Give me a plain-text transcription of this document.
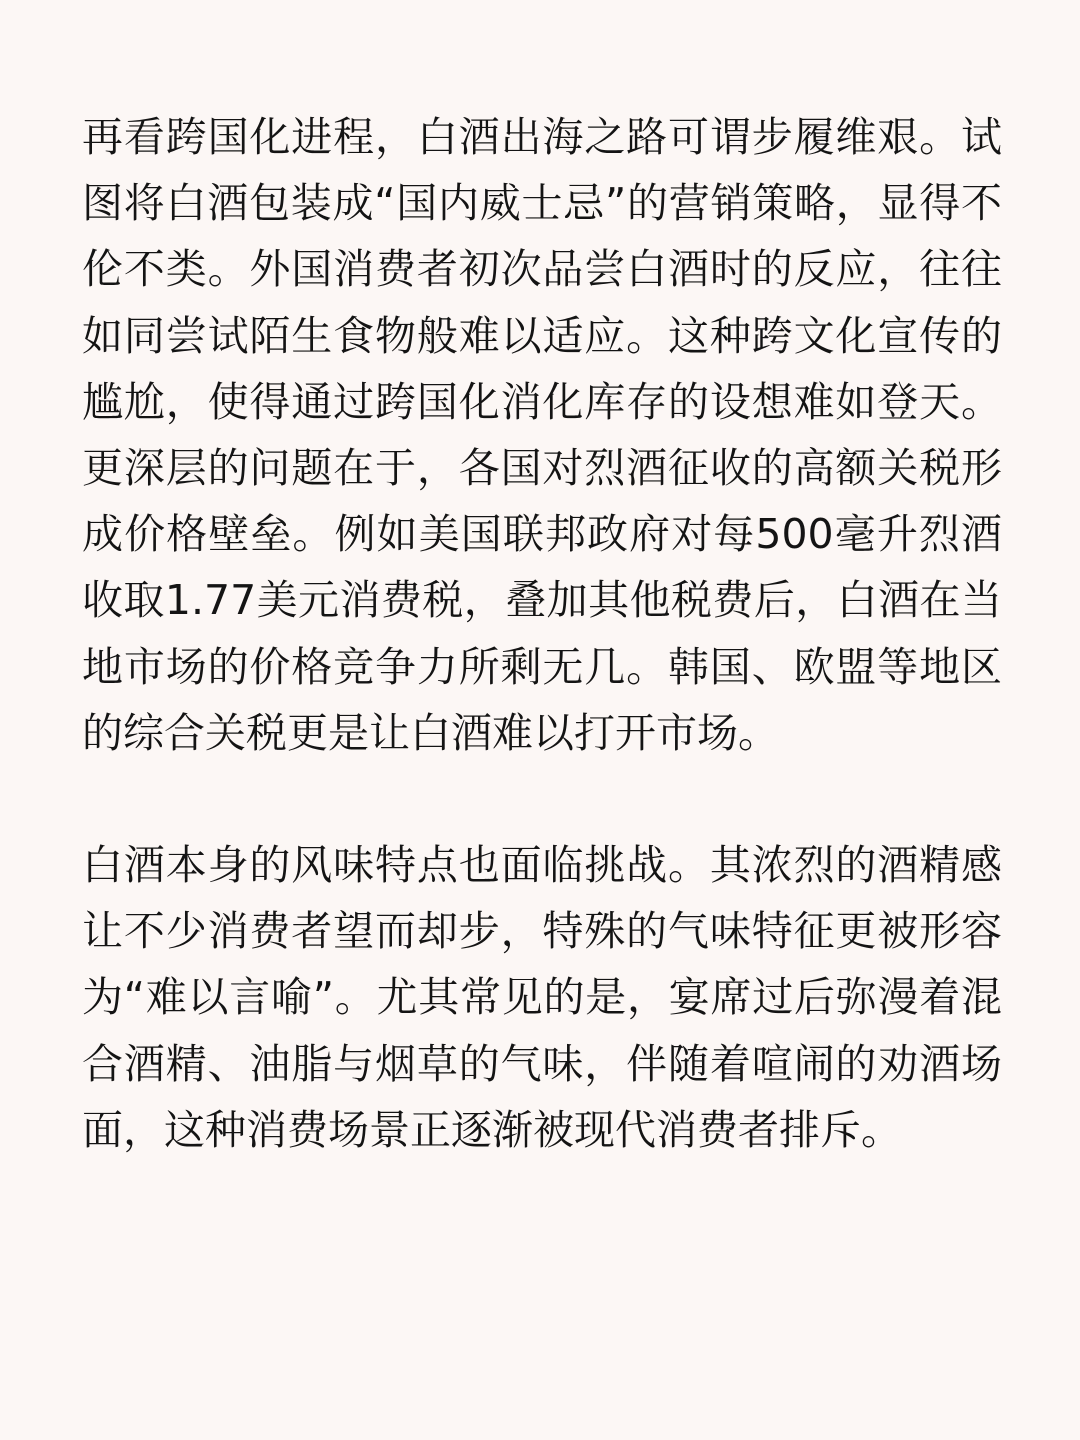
再看跨国化进程，白酒出海之路可谓步履维艰。试图将白酒包装成“国内威士忌”的营销策略，显得不伦不类。外国消费者初次品尝白酒时的反应，往往如同尝试陌生食物般难以适应。这种跨文化宣传的尴尬，使得通过跨国化消化库存的设想难如登天。更深层的问题在于，各国对烈酒征收的高额关税形成价格壁垒。例如美国联邦政府对每500毫升烈酒收取1.77美元消费税，叠加其他税费后，白酒在当地市场的价格竞争力所剩无几。韩国、欧盟等地区的综合关税更是让白酒难以打开市场。

白酒本身的风味特点也面临挑战。其浓烈的酒精感让不少消费者望而却步，特殊的气味特征更被形容为“难以言喻”。尤其常见的是，宴席过后弥漫着混合酒精、油脂与烟草的气味，伴随着喧闹的劝酒场面，这种消费场景正逐渐被现代消费者排斥。
